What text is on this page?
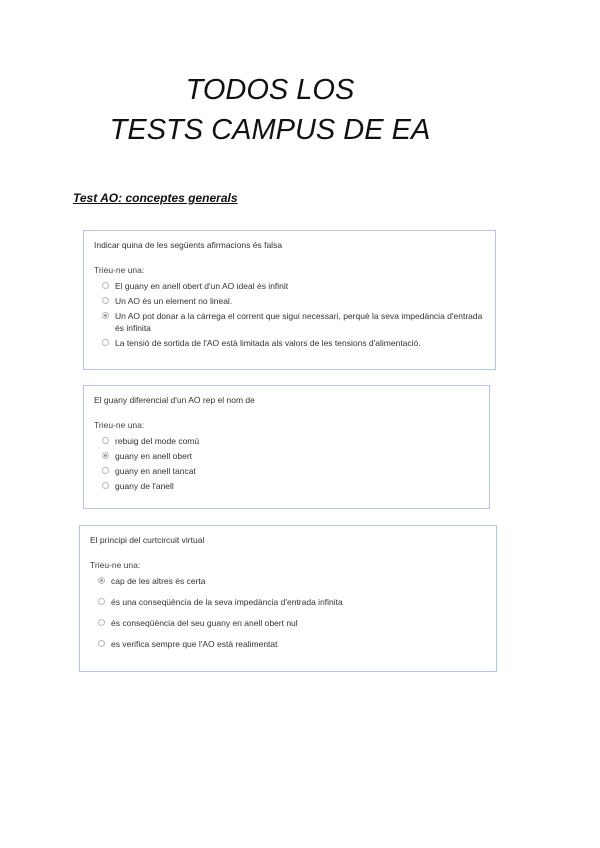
TODOS LOS
TESTS CAMPUS DE EA
Test AO: conceptes generals
Indicar quina de les següents afirmacions és falsa
Trieu-ne una:
El guany en anell obert d'un AO ideal és infinit
Un AO és un element no lineal.
Un AO pot donar a la càrrega el corrent que sigui necessari, perquè la seva impedància d'entrada és infinita
La tensió de sortida de l'AO està limitada als valors de les tensions d'alimentació.
El guany diferencial d'un AO rep el nom de
Trieu-ne una:
rebuig del mode comú
guany en anell obert
guany en anell tancat
guany de l'anell
El principi del curtcircuit virtual
Trieu-ne una:
cap de les altres és certa
és una conseqüència de la seva impedància d'entrada infinita
és conseqüència del seu guany en anell obert nul
es verifica sempre que l'AO està realimentat
